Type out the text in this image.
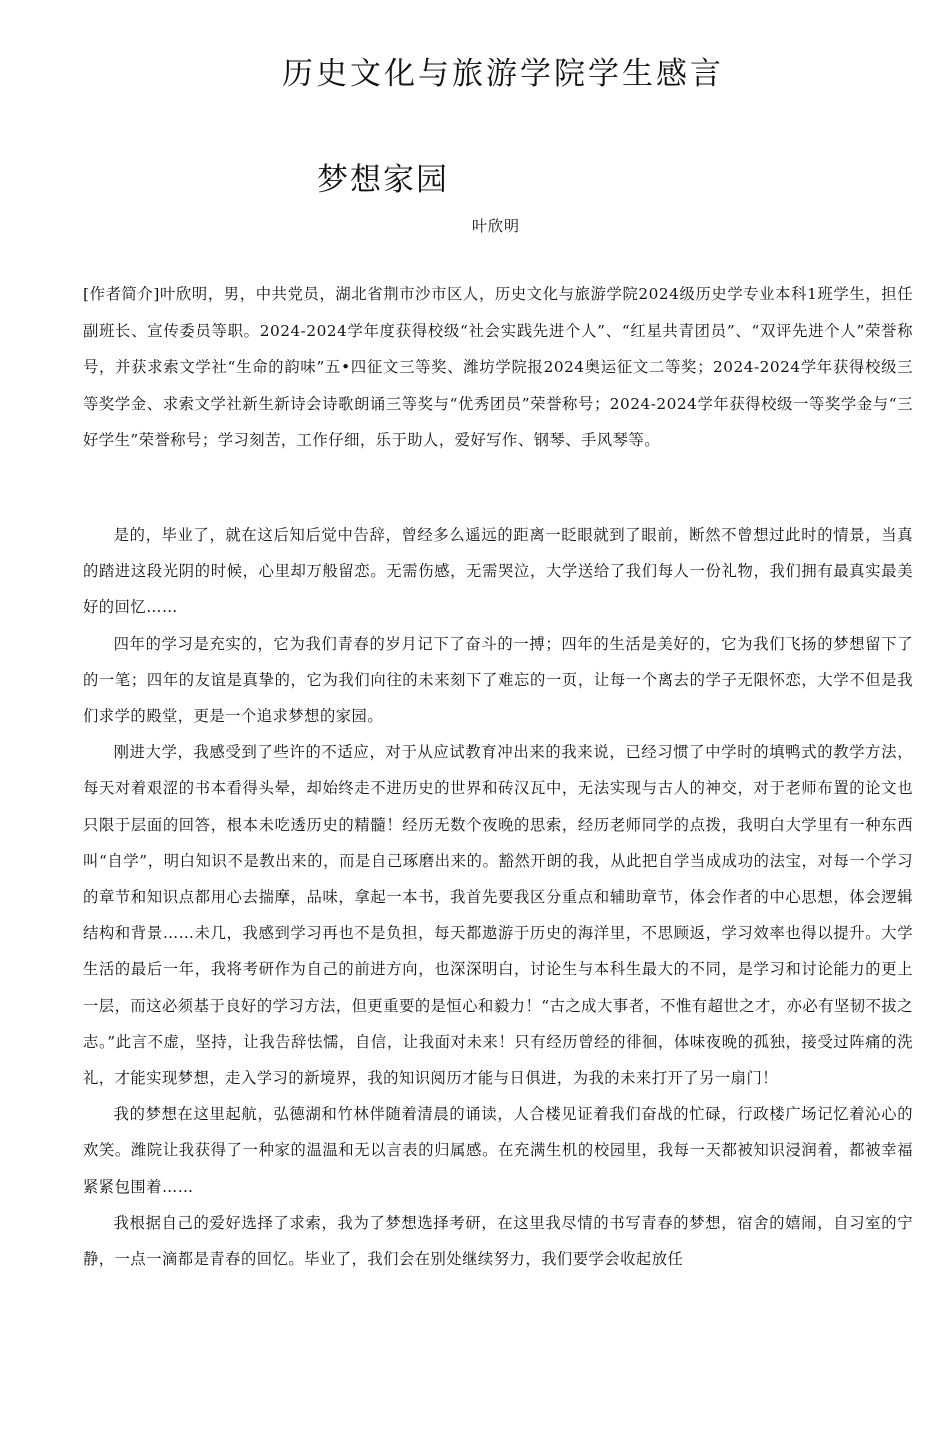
历史文化与旅游学院学生感言
梦想家园
叶欣明

[作者简介]叶欣明，男，中共党员，湖北省荆市沙市区人，历史文化与旅游学院2024级历史学专业本科1班学生，担任副班长、宣传委员等职。2024-2024学年度获得校级“社会实践先进个人”、“红星共青团员”、“双评先进个人”荣誉称号，并获求索文学社“生命的韵味”五•四征文三等奖、潍坊学院报2024奥运征文二等奖；2024-2024学年获得校级三等奖学金、求索文学社新生新诗会诗歌朗诵三等奖与“优秀团员”荣誉称号；2024-2024学年获得校级一等奖学金与“三好学生”荣誉称号；学习刻苦，工作仔细，乐于助人，爱好写作、钢琴、手风琴等。

是的，毕业了，就在这后知后觉中告辞，曾经多么遥远的距离一眨眼就到了眼前，断然不曾想过此时的情景，当真的踏进这段光阴的时候，心里却万般留恋。无需伤感，无需哭泣，大学送给了我们每人一份礼物，我们拥有最真实最美好的回忆……

四年的学习是充实的，它为我们青春的岁月记下了奋斗的一搏；四年的生活是美好的，它为我们飞扬的梦想留下了的一笔；四年的友谊是真挚的，它为我们向往的未来刻下了难忘的一页，让每一个离去的学子无限怀恋，大学不但是我们求学的殿堂，更是一个追求梦想的家园。

刚进大学，我感受到了些许的不适应，对于从应试教育冲出来的我来说，已经习惯了中学时的填鸭式的教学方法，每天对着艰涩的书本看得头晕，却始终走不进历史的世界和砖汉瓦中，无法实现与古人的神交，对于老师布置的论文也只限于层面的回答，根本未吃透历史的精髓！经历无数个夜晚的思索，经历老师同学的点拨，我明白大学里有一种东西叫“自学”，明白知识不是教出来的，而是自己琢磨出来的。豁然开朗的我，从此把自学当成成功的法宝，对每一个学习的章节和知识点都用心去揣摩，品味，拿起一本书，我首先要我区分重点和辅助章节，体会作者的中心思想，体会逻辑结构和背景……未几，我感到学习再也不是负担，每天都遨游于历史的海洋里，不思顾返，学习效率也得以提升。大学生活的最后一年，我将考研作为自己的前进方向，也深深明白，讨论生与本科生最大的不同，是学习和讨论能力的更上一层，而这必须基于良好的学习方法，但更重要的是恒心和毅力！“古之成大事者，不惟有超世之才，亦必有坚韧不拔之志。”此言不虚，坚持，让我告辞怯懦，自信，让我面对未来！只有经历曾经的徘徊，体味夜晚的孤独，接受过阵痛的洗礼，才能实现梦想，走入学习的新境界，我的知识阅历才能与日俱进，为我的未来打开了另一扇门！

我的梦想在这里起航，弘德湖和竹林伴随着清晨的诵读，人合楼见证着我们奋战的忙碌，行政楼广场记忆着沁心的欢笑。潍院让我获得了一种家的温温和无以言表的归属感。在充满生机的校园里，我每一天都被知识浸润着，都被幸福紧紧包围着……

我根据自己的爱好选择了求索，我为了梦想选择考研，在这里我尽情的书写青春的梦想，宿舍的嬉闹，自习室的宁静，一点一滴都是青春的回忆。毕业了，我们会在别处继续努力，我们要学会收起放任
